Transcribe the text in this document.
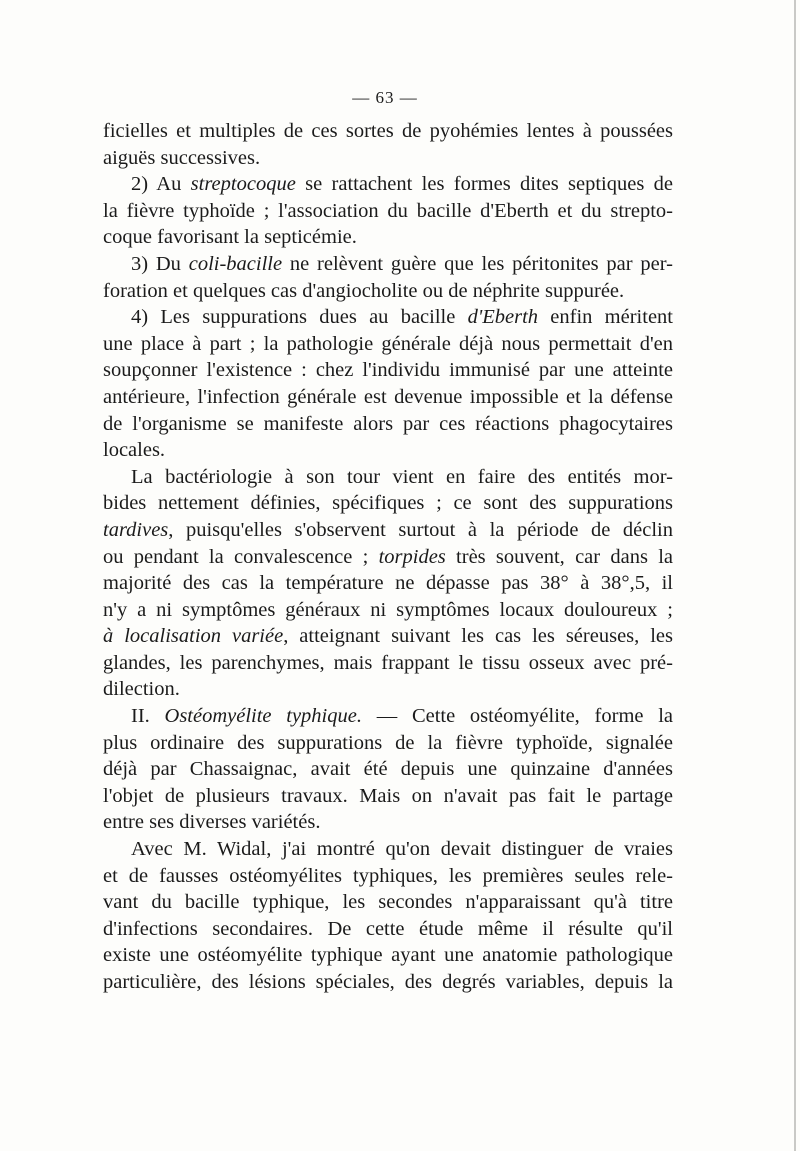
— 63 —
ficielles et multiples de ces sortes de pyohémies lentes à poussées
aiguës successives.
2) Au streptocoque se rattachent les formes dites septiques de
la fièvre typhoïde ; l'association du bacille d'Eberth et du strepto-
coque favorisant la septicémie.
3) Du coli-bacille ne relèvent guère que les péritonites par per-
foration et quelques cas d'angiocholite ou de néphrite suppurée.
4) Les suppurations dues au bacille d'Eberth enfin méritent
une place à part ; la pathologie générale déjà nous permettait d'en
soupçonner l'existence : chez l'individu immunisé par une atteinte
antérieure, l'infection générale est devenue impossible et la défense
de l'organisme se manifeste alors par ces réactions phagocytaires
locales.
La bactériologie à son tour vient en faire des entités mor-
bides nettement définies, spécifiques ; ce sont des suppurations
tardives, puisqu'elles s'observent surtout à la période de déclin
ou pendant la convalescence ; torpides très souvent, car dans la
majorité des cas la température ne dépasse pas 38° à 38°,5, il
n'y a ni symptômes généraux ni symptômes locaux douloureux ;
à localisation variée, atteignant suivant les cas les séreuses, les
glandes, les parenchymes, mais frappant le tissu osseux avec pré-
dilection.
II. Ostéomyélite typhique. — Cette ostéomyélite, forme la
plus ordinaire des suppurations de la fièvre typhoïde, signalée
déjà par Chassaignac, avait été depuis une quinzaine d'années
l'objet de plusieurs travaux. Mais on n'avait pas fait le partage
entre ses diverses variétés.
Avec M. Widal, j'ai montré qu'on devait distinguer de vraies
et de fausses ostéomyélites typhiques, les premières seules rele-
vant du bacille typhique, les secondes n'apparaissant qu'à titre
d'infections secondaires. De cette étude même il résulte qu'il
existe une ostéomyélite typhique ayant une anatomie pathologique
particulière, des lésions spéciales, des degrés variables, depuis la
